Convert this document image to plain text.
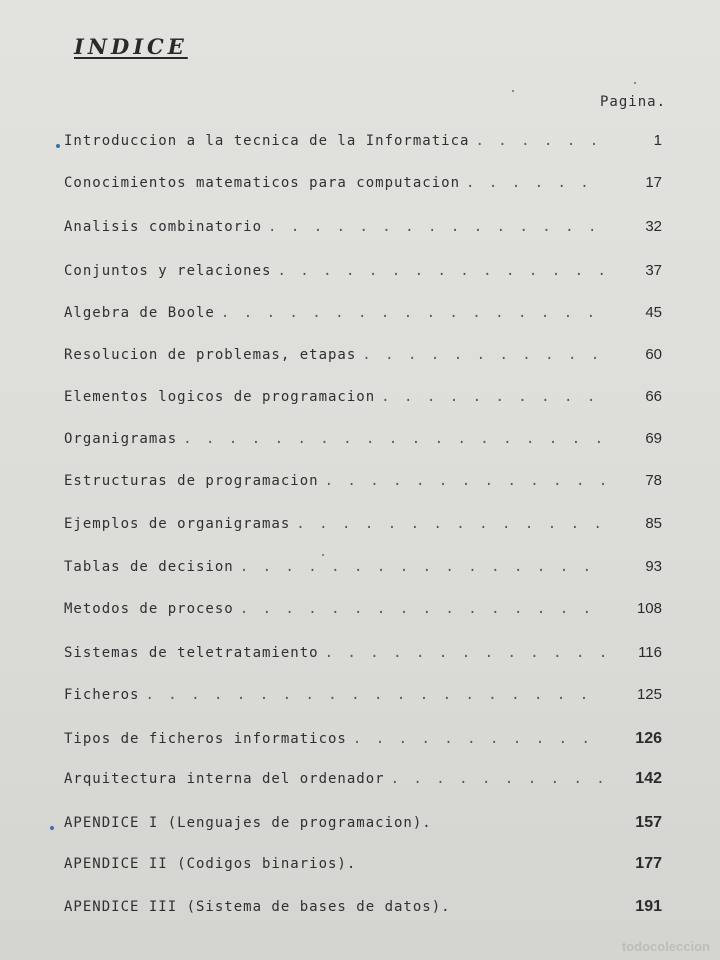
INDICE
Pagina.
Introduccion a la tecnica de la Informatica . . .	1
Conocimientos matematicos para computacion . . .	17
Analisis combinatorio . . .	32
Conjuntos y relaciones . . .	37
Algebra de Boole . . .	45
Resolucion de problemas, etapas . . .	60
Elementos logicos de programacion . . .	66
Organigramas . . .	69
Estructuras de programacion . . .	78
Ejemplos de organigramas . . .	85
Tablas de decision . . .	93
Metodos de proceso . . .	108
Sistemas de teletratamiento . . .	116
Ficheros . . .	125
Tipos de ficheros informaticos . . .	126
Arquitectura interna del ordenador . . .	142
APENDICE I (Lenguajes de programacion).	157
APENDICE II (Codigos binarios).	177
APENDICE III (Sistema de bases de datos).	191
todocoleccion
